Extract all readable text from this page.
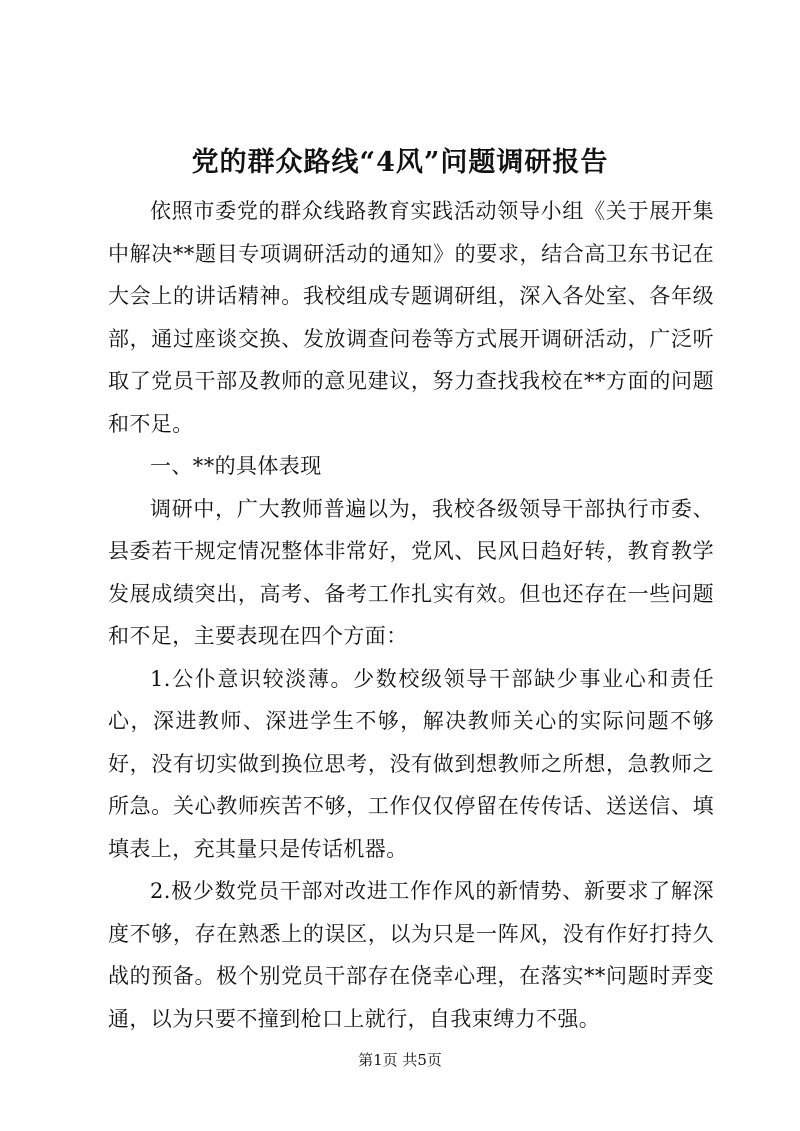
党的群众路线“4风”问题调研报告

依照市委党的群众线路教育实践活动领导小组《关于展开集中解决**题目专项调研活动的通知》的要求，结合高卫东书记在大会上的讲话精神。我校组成专题调研组，深入各处室、各年级部，通过座谈交换、发放调查问卷等方式展开调研活动，广泛听取了党员干部及教师的意见建议，努力查找我校在**方面的问题和不足。

一、**的具体表现

调研中，广大教师普遍以为，我校各级领导干部执行市委、县委若干规定情况整体非常好，党风、民风日趋好转，教育教学发展成绩突出，高考、备考工作扎实有效。但也还存在一些问题和不足，主要表现在四个方面：

1.公仆意识较淡薄。少数校级领导干部缺少事业心和责任心，深进教师、深进学生不够，解决教师关心的实际问题不够好，没有切实做到换位思考，没有做到想教师之所想，急教师之所急。关心教师疾苦不够，工作仅仅停留在传传话、送送信、填填表上，充其量只是传话机器。

2.极少数党员干部对改进工作作风的新情势、新要求了解深度不够，存在熟悉上的误区，以为只是一阵风，没有作好打持久战的预备。极个别党员干部存在侥幸心理，在落实**问题时弄变通，以为只要不撞到枪口上就行，自我束缚力不强。

第1页 共5页
